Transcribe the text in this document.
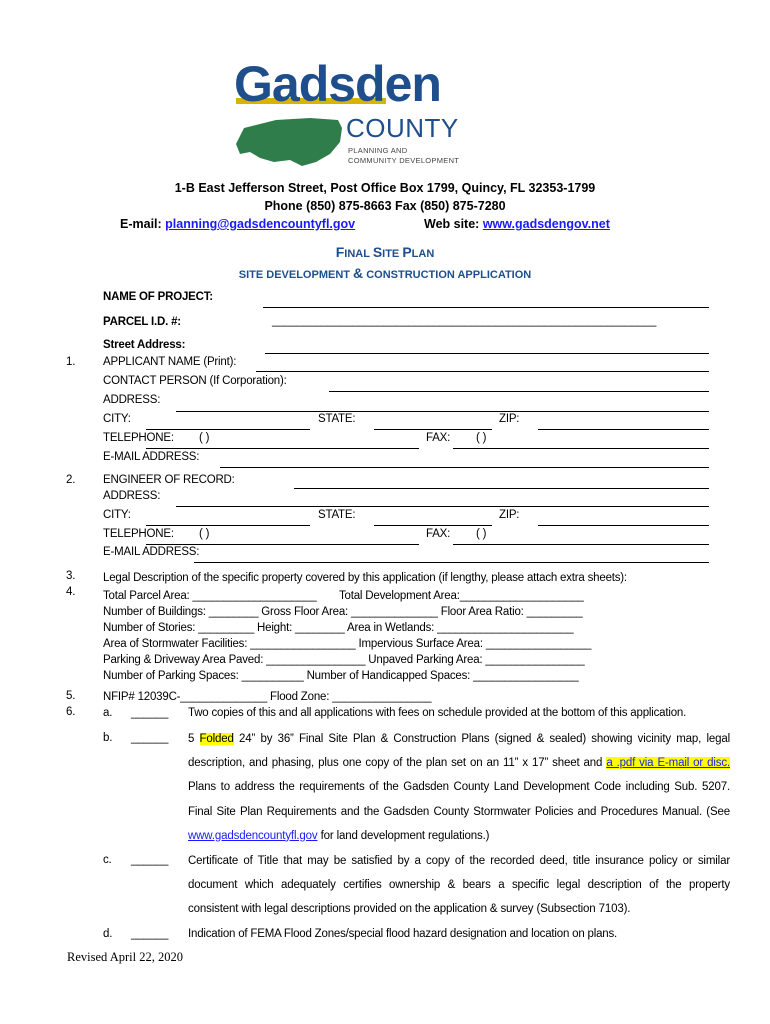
Gadsden
COUNTY
PLANNING AND
COMMUNITY DEVELOPMENT
1-B East Jefferson Street, Post Office Box 1799, Quincy, FL 32353-1799
Phone (850) 875-8663 Fax (850) 875-7280
E-mail: planning@gadsdencountyfl.gov	Web site: www.gadsdengov.net
FINAL SITE PLAN
SITE DEVELOPMENT & CONSTRUCTION APPLICATION
NAME OF PROJECT:
PARCEL I.D. #:	______________________________________________________________
Street Address:
1. APPLICANT NAME (Print):
CONTACT PERSON (If Corporation):
ADDRESS:
CITY:	STATE:	ZIP:
TELEPHONE: ( )	FAX: ( )
E-MAIL ADDRESS:
2. ENGINEER OF RECORD:
ADDRESS:
CITY:	STATE:	ZIP:
TELEPHONE: ( )	FAX: ( )
E-MAIL ADDRESS:
3. Legal Description of the specific property covered by this application (if lengthy, please attach extra sheets):
4. Total Parcel Area: ____________________ Total Development Area:____________________
Number of Buildings: ________ Gross Floor Area: ______________ Floor Area Ratio: _________
Number of Stories: _________ Height: ________ Area in Wetlands: ______________________
Area of Stormwater Facilities: _________________ Impervious Surface Area: _________________
Parking & Driveway Area Paved: ________________ Unpaved Parking Area: ________________
Number of Parking Spaces: __________ Number of Handicapped Spaces: _________________
5. NFIP# 12039C-______________ Flood Zone: ________________
6. a. ______ Two copies of this and all applications with fees on schedule provided at the bottom of this application.
b. ______ 5 Folded 24” by 36” Final Site Plan & Construction Plans (signed & sealed) showing vicinity map, legal
description, and phasing, plus one copy of the plan set on an 11” x 17” sheet and a .pdf via E-mail or disc.
Plans to address the requirements of the Gadsden County Land Development Code including Sub. 5207.
Final Site Plan Requirements and the Gadsden County Stormwater Policies and Procedures Manual. (See
www.gadsdencountyfl.gov for land development regulations.)
c. ______ Certificate of Title that may be satisfied by a copy of the recorded deed, title insurance policy or similar
document which adequately certifies ownership & bears a specific legal description of the property
consistent with legal descriptions provided on the application & survey (Subsection 7103).
d. ______ Indication of FEMA Flood Zones/special flood hazard designation and location on plans.
Revised April 22, 2020
